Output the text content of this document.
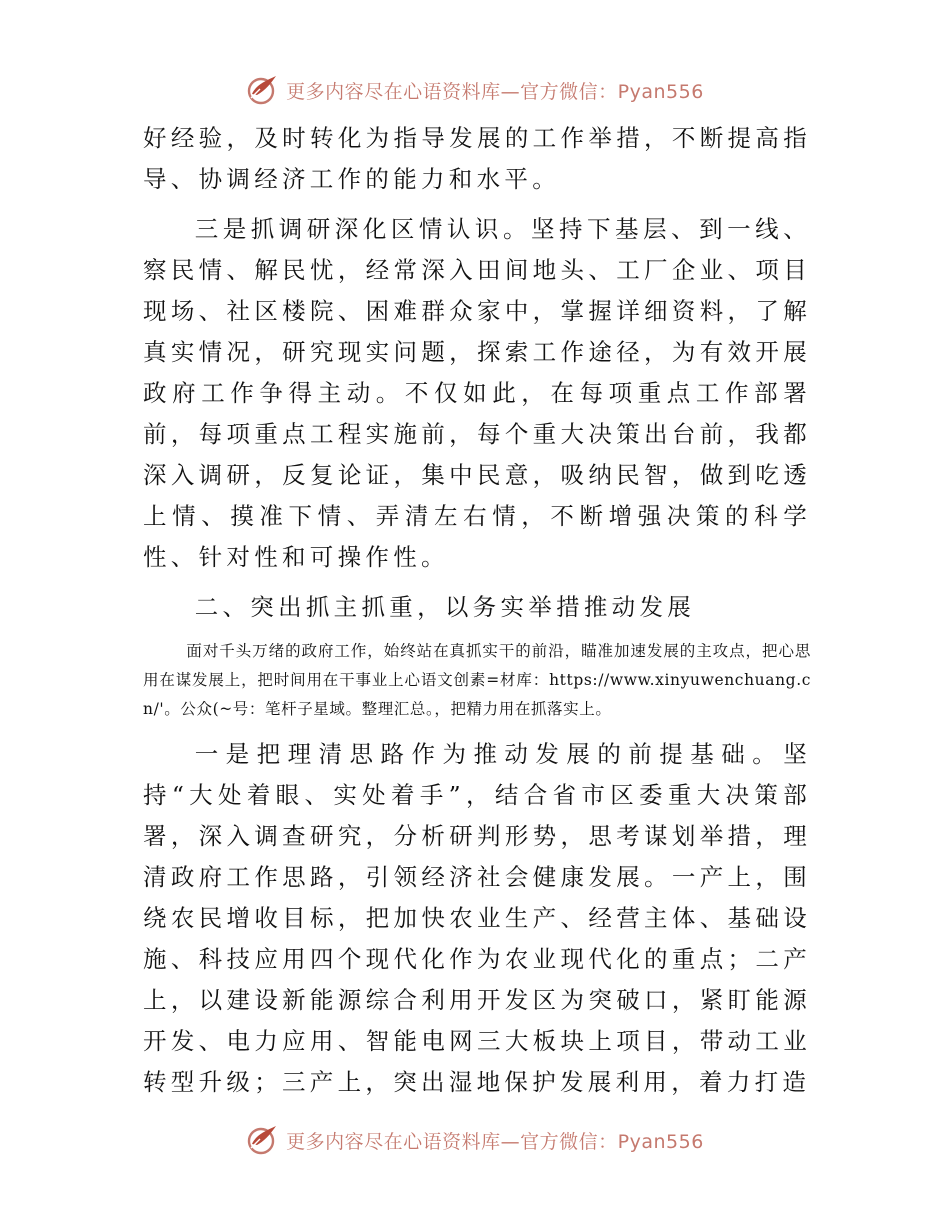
更多内容尽在心语资料库—官方微信：Pyan556

好经验，及时转化为指导发展的工作举措，不断提高指导、协调经济工作的能力和水平。

三是抓调研深化区情认识。坚持下基层、到一线、察民情、解民忧，经常深入田间地头、工厂企业、项目现场、社区楼院、困难群众家中，掌握详细资料，了解真实情况，研究现实问题，探索工作途径，为有效开展政府工作争得主动。不仅如此，在每项重点工作部署前，每项重点工程实施前，每个重大决策出台前，我都深入调研，反复论证，集中民意，吸纳民智，做到吃透上情、摸准下情、弄清左右情，不断增强决策的科学性、针对性和可操作性。

二、突出抓主抓重，以务实举措推动发展

面对千头万绪的政府工作，始终站在真抓实干的前沿，瞄准加速发展的主攻点，把心思用在谋发展上，把时间用在干事业上心语文创素=材库：https://www.xinyuwenchuang.cn/'。公众(~号：笔杆子星域。整理汇总。，把精力用在抓落实上。

一是把理清思路作为推动发展的前提基础。坚持“大处着眼、实处着手”，结合省市区委重大决策部署，深入调查研究，分析研判形势，思考谋划举措，理清政府工作思路，引领经济社会健康发展。一产上，围绕农民增收目标，把加快农业生产、经营主体、基础设施、科技应用四个现代化作为农业现代化的重点；二产上，以建设新能源综合利用开发区为突破口，紧盯能源开发、电力应用、智能电网三大板块上项目，带动工业转型升级；三产上，突出湿地保护发展利用，着力打造

更多内容尽在心语资料库—官方微信：Pyan556
